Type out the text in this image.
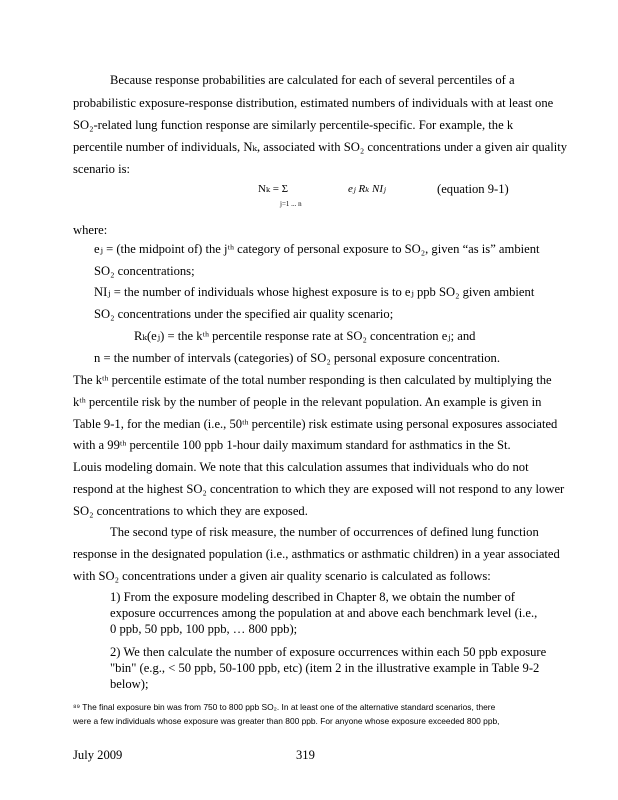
Because response probabilities are calculated for each of several percentiles of a
probabilistic exposure-response distribution, estimated numbers of individuals with at least one
SO₂-related lung function response are similarly percentile-specific. For example, the k
percentile number of individuals, Nₖ, associated with SO₂ concentrations under a given air quality
scenario is:
Nₖ = Σ
j=1 ... n
eⱼ Rₖ NIⱼ	(equation 9-1)
where:
eⱼ = (the midpoint of) the jᵗʰ category of personal exposure to SO₂, given “as is” ambient
SO₂ concentrations;
NIⱼ = the number of individuals whose highest exposure is to eⱼ ppb SO₂ given ambient
SO₂ concentrations under the specified air quality scenario;
Rₖ(eⱼ) = the kᵗʰ percentile response rate at SO₂ concentration eⱼ; and
n = the number of intervals (categories) of SO₂ personal exposure concentration.
The kᵗʰ percentile estimate of the total number responding is then calculated by multiplying the
kᵗʰ percentile risk by the number of people in the relevant population. An example is given in
Table 9-1, for the median (i.e., 50ᵗʰ percentile) risk estimate using personal exposures associated
with a 99ᵗʰ percentile 100 ppb 1-hour daily maximum standard for asthmatics in the St.
Louis modeling domain. We note that this calculation assumes that individuals who do not
respond at the highest SO₂ concentration to which they are exposed will not respond to any lower
SO₂ concentrations to which they are exposed.
The second type of risk measure, the number of occurrences of defined lung function
response in the designated population (i.e., asthmatics or asthmatic children) in a year associated
with SO₂ concentrations under a given air quality scenario is calculated as follows:
1) From the exposure modeling described in Chapter 8, we obtain the number of
exposure occurrences among the population at and above each benchmark level (i.e.,
0 ppb, 50 ppb, 100 ppb, … 800 ppb);
2) We then calculate the number of exposure occurrences within each 50 ppb exposure
"bin" (e.g., < 50 ppb, 50-100 ppb, etc) (item 2 in the illustrative example in Table 9-2
below);
⁸⁹ The final exposure bin was from 750 to 800 ppb SO₂. In at least one of the alternative standard scenarios, there
were a few individuals whose exposure was greater than 800 ppb. For anyone whose exposure exceeded 800 ppb,
July 2009	319
